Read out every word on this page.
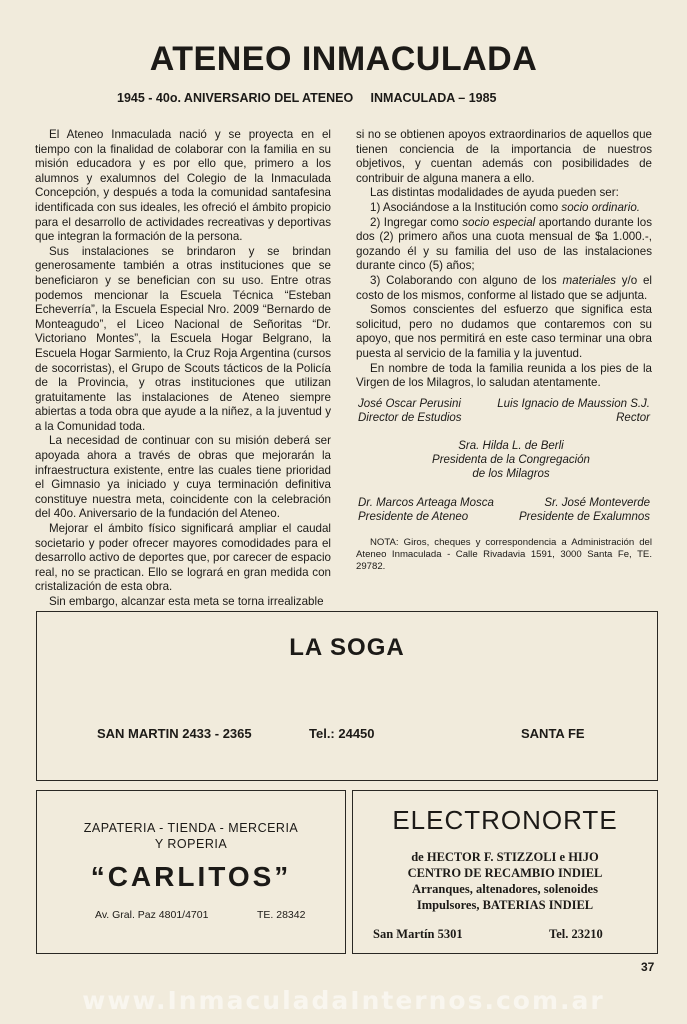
ATENEO INMACULADA
1945 - 40o. ANIVERSARIO DEL ATENEO INMACULADA – 1985

El Ateneo Inmaculada nació y se proyecta en el tiempo con la finalidad de colaborar con la familia en su misión educadora y es por ello que, primero a los alumnos y exalumnos del Colegio de la Inmaculada Concepción, y después a toda la comunidad santafesina identificada con sus ideales, les ofreció el ámbito propicio para el desarrollo de actividades recreativas y deportivas que integran la formación de la persona.

Sus instalaciones se brindaron y se brindan generosamente también a otras instituciones que se beneficiaron y se benefician con su uso. Entre otras podemos mencionar la Escuela Técnica “Esteban Echeverría”, la Escuela Especial Nro. 2009 “Bernardo de Monteagudo”, el Liceo Nacional de Señoritas “Dr. Victoriano Montes”, la Escuela Hogar Belgrano, la Escuela Hogar Sarmiento, la Cruz Roja Argentina (cursos de socorristas), el Grupo de Scouts tácticos de la Policía de la Provincia, y otras instituciones que utilizan gratuitamente las instalaciones de Ateneo siempre abiertas a toda obra que ayude a la niñez, a la juventud y a la Comunidad toda.

La necesidad de continuar con su misión deberá ser apoyada ahora a través de obras que mejorarán la infraestructura existente, entre las cuales tiene prioridad el Gimnasio ya iniciado y cuya terminación definitiva constituye nuestra meta, coincidente con la celebración del 40o. Aniversario de la fundación del Ateneo.

Mejorar el ámbito físico significará ampliar el caudal societario y poder ofrecer mayores comodidades para el desarrollo activo de deportes que, por carecer de espacio real, no se practican. Ello se logrará en gran medida con cristalización de esta obra.

Sin embargo, alcanzar esta meta se torna irrealizable

si no se obtienen apoyos extraordinarios de aquellos que tienen conciencia de la importancia de nuestros objetivos, y cuentan además con posibilidades de contribuir de alguna manera a ello.

Las distintas modalidades de ayuda pueden ser:

1) Asociándose a la Institución como socio ordinario.

2) Ingregar como socio especial aportando durante los dos (2) primero años una cuota mensual de $a 1.000.-, gozando él y su familia del uso de las instalaciones durante cinco (5) años;

3) Colaborando con alguno de los materiales y/o el costo de los mismos, conforme al listado que se adjunta.

Somos conscientes del esfuerzo que significa esta solicitud, pero no dudamos que contaremos con su apoyo, que nos permitirá en este caso terminar una obra puesta al servicio de la familia y la juventud.

En nombre de toda la familia reunida a los pies de la Virgen de los Milagros, lo saludan atentamente.

José Oscar Perusini
Director de Estudios
Luis Ignacio de Maussion S.J.
Rector
Sra. Hilda L. de Berli
Presidenta de la Congregación
de los Milagros
Dr. Marcos Arteaga Mosca
Presidente de Ateneo
Sr. José Monteverde
Presidente de Exalumnos
NOTA: Giros, cheques y correspondencia a Administración del Ateneo Inmaculada - Calle Rivadavia 1591, 3000 Santa Fe, TE. 29782.
LA SOGA
SAN MARTIN 2433 - 2365	Tel.: 24450	SANTA FE
ZAPATERIA - TIENDA - MERCERIA
Y ROPERIA
“CARLITOS”
Av. Gral. Paz 4801/4701	TE. 28342
ELECTRONORTE
de HECTOR F. STIZZOLI e HIJO
CENTRO DE RECAMBIO INDIEL
Arranques, altenadores, solenoides
Impulsores, BATERIAS INDIEL
San Martín 5301	Tel. 23210
37
www.InmaculadaInternos.com.ar
